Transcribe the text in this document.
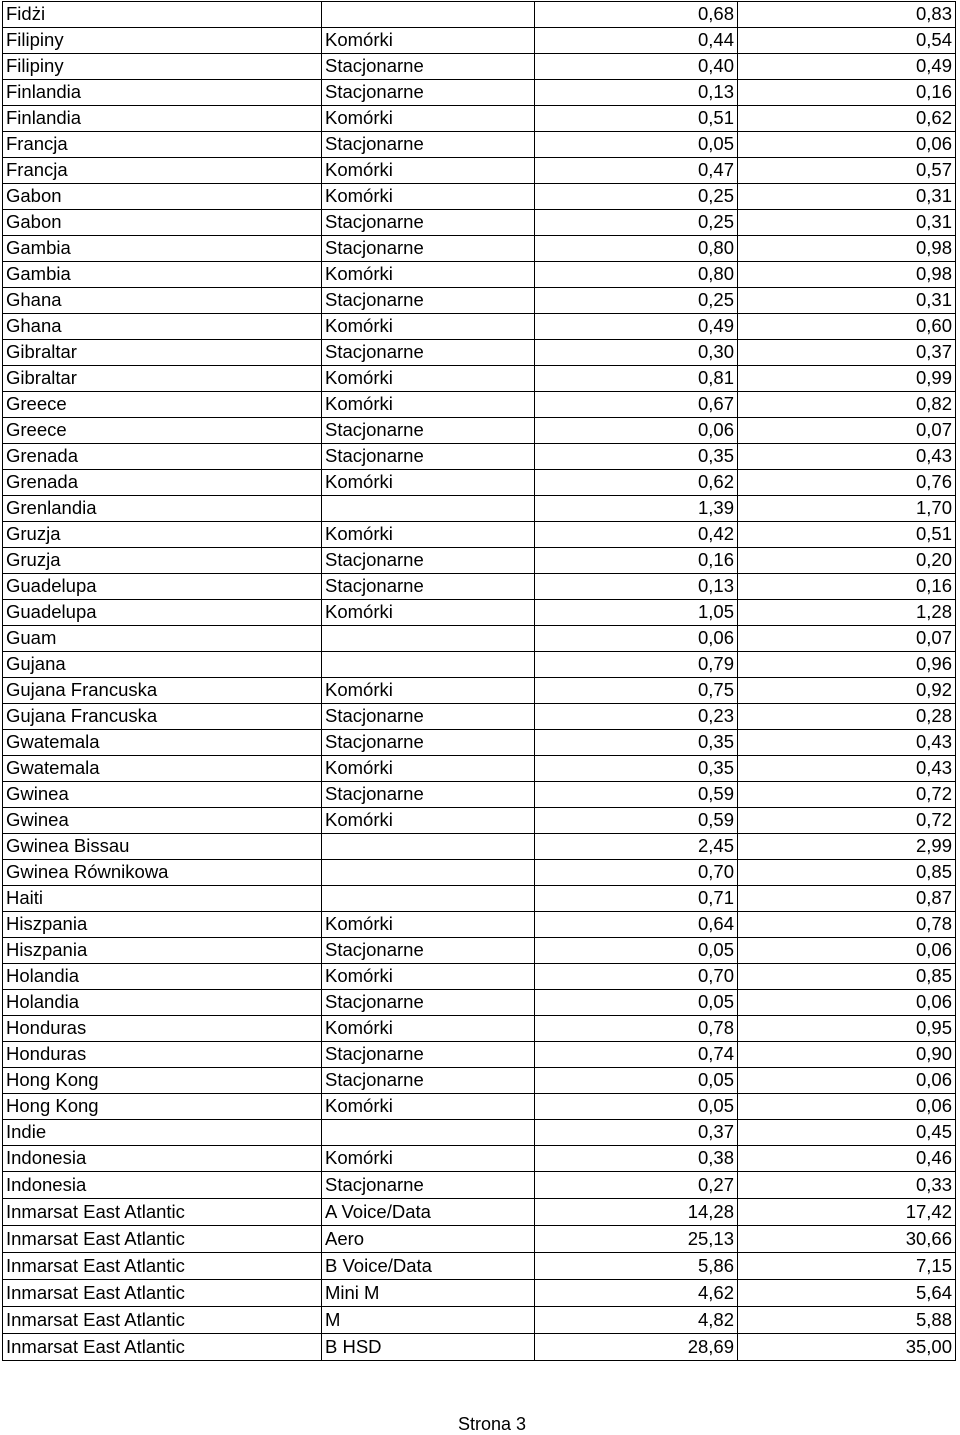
Fidżi		0,68	0,83
Filipiny	Komórki	0,44	0,54
Filipiny	Stacjonarne	0,40	0,49
Finlandia	Stacjonarne	0,13	0,16
Finlandia	Komórki	0,51	0,62
Francja	Stacjonarne	0,05	0,06
Francja	Komórki	0,47	0,57
Gabon	Komórki	0,25	0,31
Gabon	Stacjonarne	0,25	0,31
Gambia	Stacjonarne	0,80	0,98
Gambia	Komórki	0,80	0,98
Ghana	Stacjonarne	0,25	0,31
Ghana	Komórki	0,49	0,60
Gibraltar	Stacjonarne	0,30	0,37
Gibraltar	Komórki	0,81	0,99
Greece	Komórki	0,67	0,82
Greece	Stacjonarne	0,06	0,07
Grenada	Stacjonarne	0,35	0,43
Grenada	Komórki	0,62	0,76
Grenlandia		1,39	1,70
Gruzja	Komórki	0,42	0,51
Gruzja	Stacjonarne	0,16	0,20
Guadelupa	Stacjonarne	0,13	0,16
Guadelupa	Komórki	1,05	1,28
Guam		0,06	0,07
Gujana		0,79	0,96
Gujana Francuska	Komórki	0,75	0,92
Gujana Francuska	Stacjonarne	0,23	0,28
Gwatemala	Stacjonarne	0,35	0,43
Gwatemala	Komórki	0,35	0,43
Gwinea	Stacjonarne	0,59	0,72
Gwinea	Komórki	0,59	0,72
Gwinea Bissau		2,45	2,99
Gwinea Równikowa		0,70	0,85
Haiti		0,71	0,87
Hiszpania	Komórki	0,64	0,78
Hiszpania	Stacjonarne	0,05	0,06
Holandia	Komórki	0,70	0,85
Holandia	Stacjonarne	0,05	0,06
Honduras	Komórki	0,78	0,95
Honduras	Stacjonarne	0,74	0,90
Hong Kong	Stacjonarne	0,05	0,06
Hong Kong	Komórki	0,05	0,06
Indie		0,37	0,45
Indonesia	Komórki	0,38	0,46
Indonesia	Stacjonarne	0,27	0,33
Inmarsat East Atlantic	A Voice/Data	14,28	17,42
Inmarsat East Atlantic	Aero	25,13	30,66
Inmarsat East Atlantic	B Voice/Data	5,86	7,15
Inmarsat East Atlantic	Mini M	4,62	5,64
Inmarsat East Atlantic	M	4,82	5,88
Inmarsat East Atlantic	B HSD	28,69	35,00
Strona 3
